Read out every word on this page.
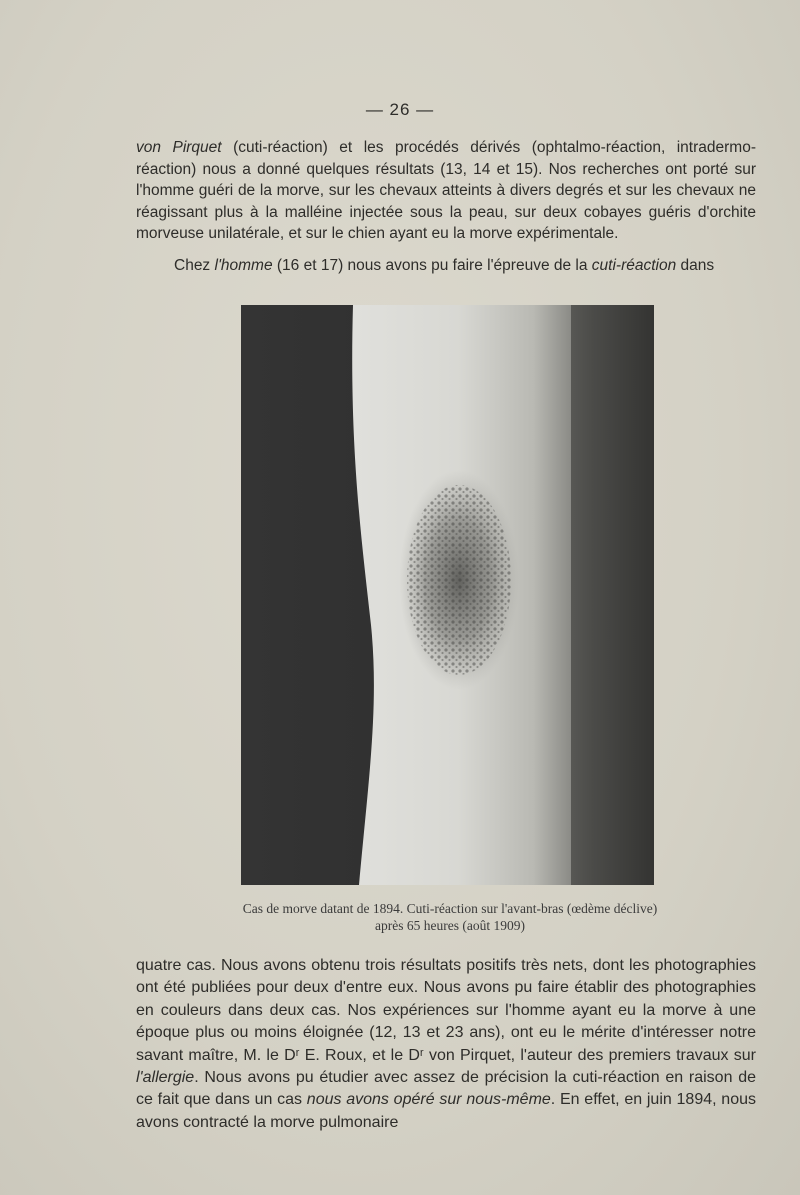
— 26 —

von Pirquet (cuti-réaction) et les procédés dérivés (ophtalmo-réaction, intradermo-réaction) nous a donné quelques résultats (13, 14 et 15). Nos recherches ont porté sur l'homme guéri de la morve, sur les chevaux atteints à divers degrés et sur les chevaux ne réagissant plus à la malléine injectée sous la peau, sur deux cobayes guéris d'orchite morveuse unilatérale, et sur le chien ayant eu la morve expérimentale.

Chez l'homme (16 et 17) nous avons pu faire l'épreuve de la cuti-réaction dans

Cas de morve datant de 1894. Cuti-réaction sur l'avant-bras (œdème déclive)
après 65 heures (août 1909)

quatre cas. Nous avons obtenu trois résultats positifs très nets, dont les photographies ont été publiées pour deux d'entre eux. Nous avons pu faire établir des photographies en couleurs dans deux cas. Nos expériences sur l'homme ayant eu la morve à une époque plus ou moins éloignée (12, 13 et 23 ans), ont eu le mérite d'intéresser notre savant maître, M. le Dʳ E. Roux, et le Dʳ von Pirquet, l'auteur des premiers travaux sur l'allergie. Nous avons pu étudier avec assez de précision la cuti-réaction en raison de ce fait que dans un cas nous avons opéré sur nous-même. En effet, en juin 1894, nous avons contracté la morve pulmonaire
